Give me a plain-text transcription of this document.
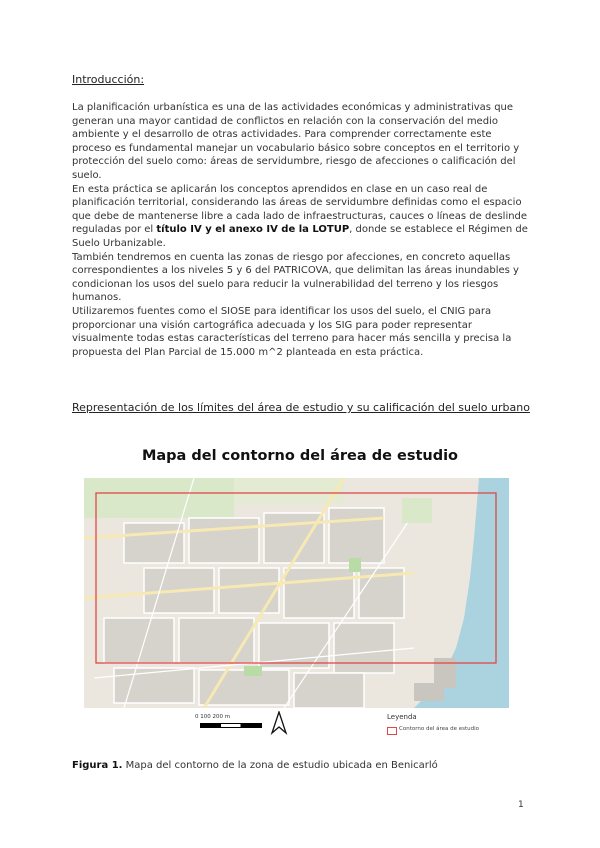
Introducción:

La planificación urbanística es una de las actividades económicas y administrativas que generan una mayor cantidad de conflictos en relación con la conservación del medio ambiente y el desarrollo de otras actividades. Para comprender correctamente este proceso es fundamental manejar un vocabulario básico sobre conceptos en el territorio y protección del suelo como: áreas de servidumbre, riesgo de afecciones o calificación del suelo.
En esta práctica se aplicarán los conceptos aprendidos en clase en un caso real de planificación territorial, considerando las áreas de servidumbre definidas como el espacio que debe de mantenerse libre a cada lado de infraestructuras, cauces o líneas de deslinde reguladas por el título IV y el anexo IV de la LOTUP, donde se establece el Régimen de Suelo Urbanizable.
También tendremos en cuenta las zonas de riesgo por afecciones, en concreto aquellas correspondientes a los niveles 5 y 6 del PATRICOVA, que delimitan las áreas inundables y condicionan los usos del suelo para reducir la vulnerabilidad del terreno y los riesgos humanos.
Utilizaremos fuentes como el SIOSE para identificar los usos del suelo, el CNIG para proporcionar una visión cartográfica adecuada y los SIG para poder representar visualmente todas estas características del terreno para hacer más sencilla y precisa la propuesta del Plan Parcial de 15.000 m^2 planteada en esta práctica.

Representación de los límites del área de estudio y su calificación del suelo urbano
Mapa del contorno del área de estudio
0 100 200 m	Leyenda
Contorno del área de estudio
Figura 1. Mapa del contorno de la zona de estudio ubicada en Benicarló
1
